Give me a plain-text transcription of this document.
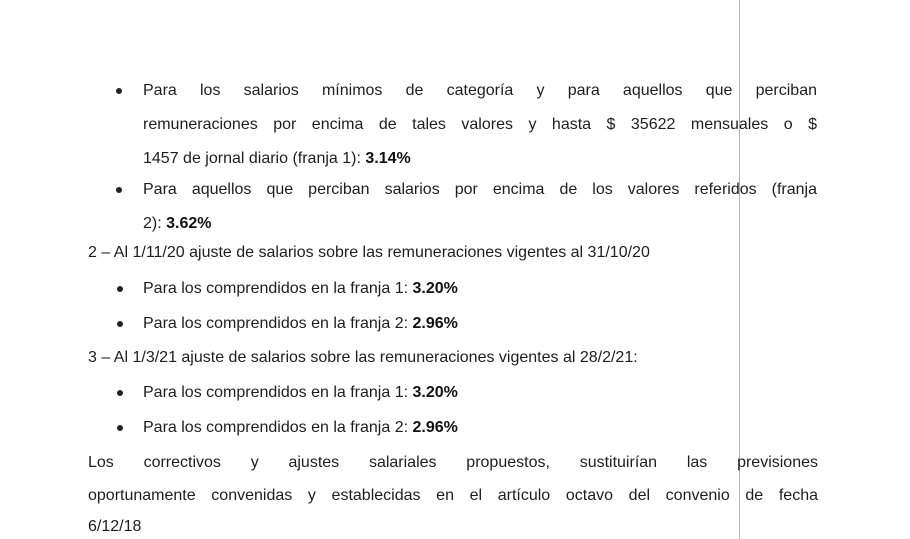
Para los salarios mínimos de categoría y para aquellos que perciban
remuneraciones por encima de tales valores y hasta $ 35622 mensuales o $
1457 de jornal diario (franja 1): 3.14%
Para aquellos que perciban salarios por encima de los valores referidos (franja
2): 3.62%
2 – Al 1/11/20 ajuste de salarios sobre las remuneraciones vigentes al 31/10/20
Para los comprendidos en la franja 1: 3.20%
Para los comprendidos en la franja 2: 2.96%
3 – Al 1/3/21 ajuste de salarios sobre las remuneraciones vigentes al 28/2/21:
Para los comprendidos en la franja 1: 3.20%
Para los comprendidos en la franja 2: 2.96%
Los correctivos y ajustes salariales propuestos, sustituirían las previsiones
oportunamente convenidas y establecidas en el artículo octavo del convenio de fecha
6/12/18
